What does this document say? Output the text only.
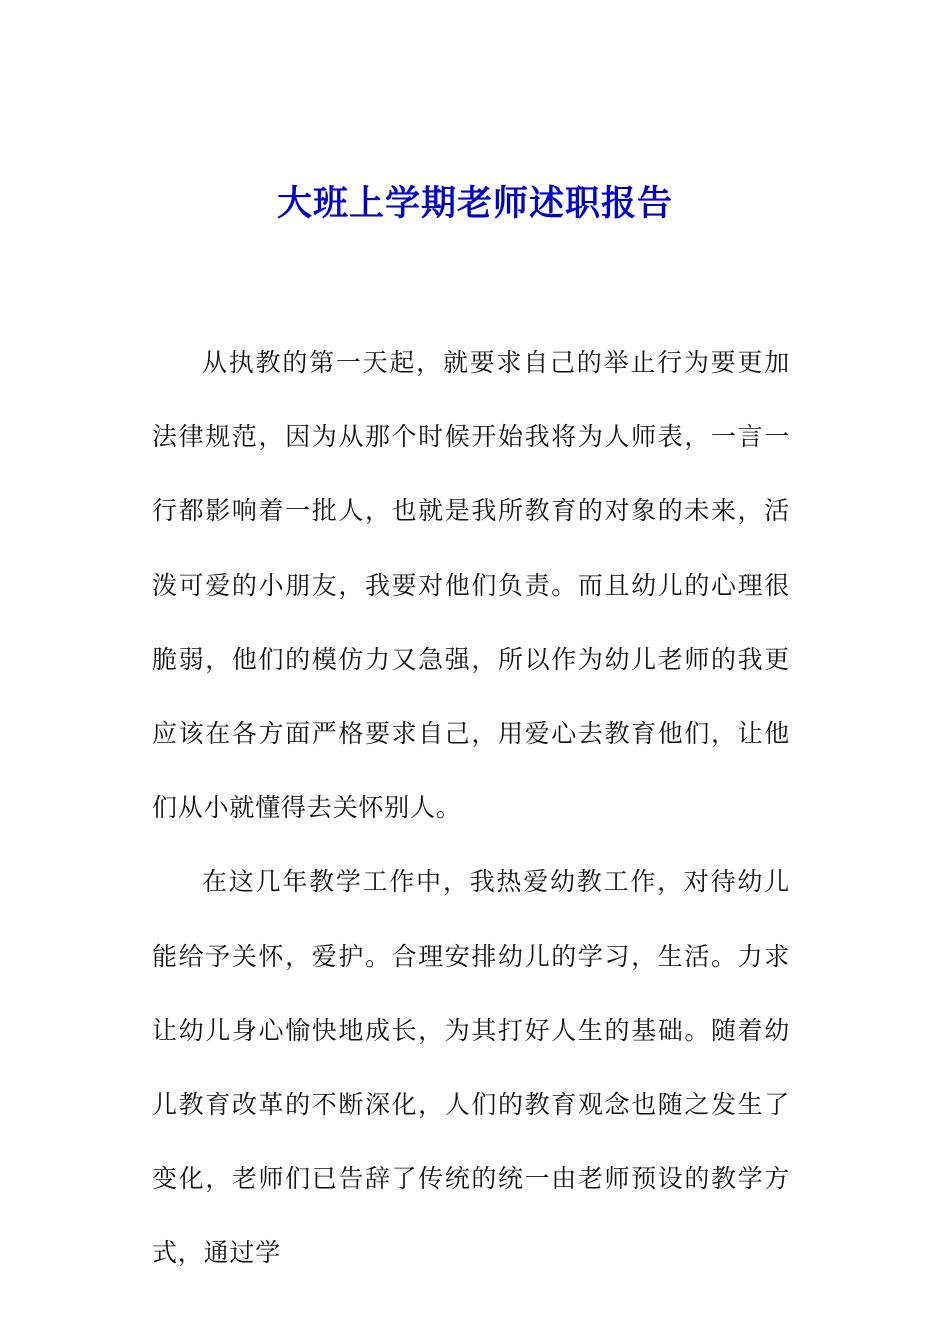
大班上学期老师述职报告

从执教的第一天起，就要求自己的举止行为要更加法律规范，因为从那个时候开始我将为人师表，一言一行都影响着一批人，也就是我所教育的对象的未来，活泼可爱的小朋友，我要对他们负责。而且幼儿的心理很脆弱，他们的模仿力又急强，所以作为幼儿老师的我更应该在各方面严格要求自己，用爱心去教育他们，让他们从小就懂得去关怀别人。

在这几年教学工作中，我热爱幼教工作，对待幼儿能给予关怀，爱护。合理安排幼儿的学习，生活。力求让幼儿身心愉快地成长，为其打好人生的基础。随着幼儿教育改革的不断深化，人们的教育观念也随之发生了变化，老师们已告辞了传统的统一由老师预设的教学方式，通过学
